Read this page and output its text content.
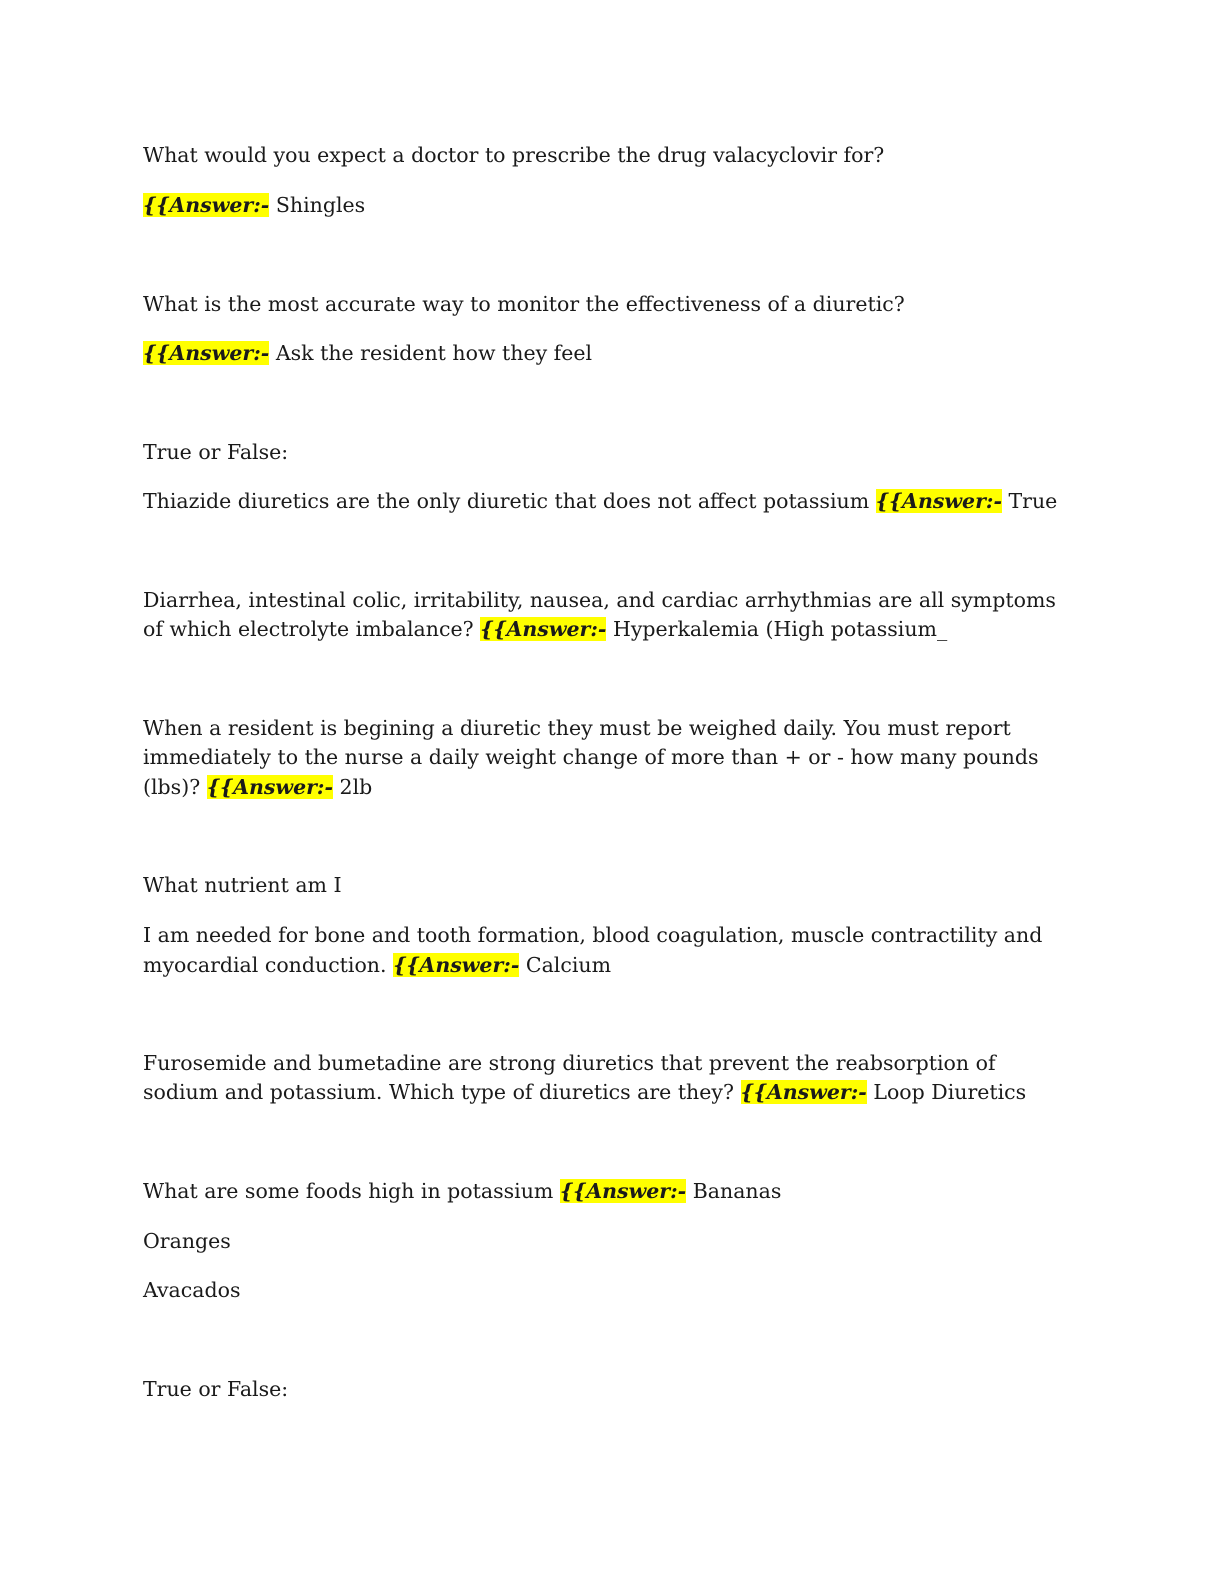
What would you expect a doctor to prescribe the drug valacyclovir for?
{{Answer:- Shingles
What is the most accurate way to monitor the effectiveness of a diuretic?
{{Answer:- Ask the resident how they feel
True or False:
Thiazide diuretics are the only diuretic that does not affect potassium {{Answer:- True
Diarrhea, intestinal colic, irritability, nausea, and cardiac arrhythmias are all symptoms
of which electrolyte imbalance? {{Answer:- Hyperkalemia (High potassium_
When a resident is begining a diuretic they must be weighed daily. You must report
immediately to the nurse a daily weight change of more than + or - how many pounds
(lbs)? {{Answer:- 2lb
What nutrient am I
I am needed for bone and tooth formation, blood coagulation, muscle contractility and
myocardial conduction. {{Answer:- Calcium
Furosemide and bumetadine are strong diuretics that prevent the reabsorption of
sodium and potassium. Which type of diuretics are they? {{Answer:- Loop Diuretics
What are some foods high in potassium {{Answer:- Bananas
Oranges
Avacados
True or False:
